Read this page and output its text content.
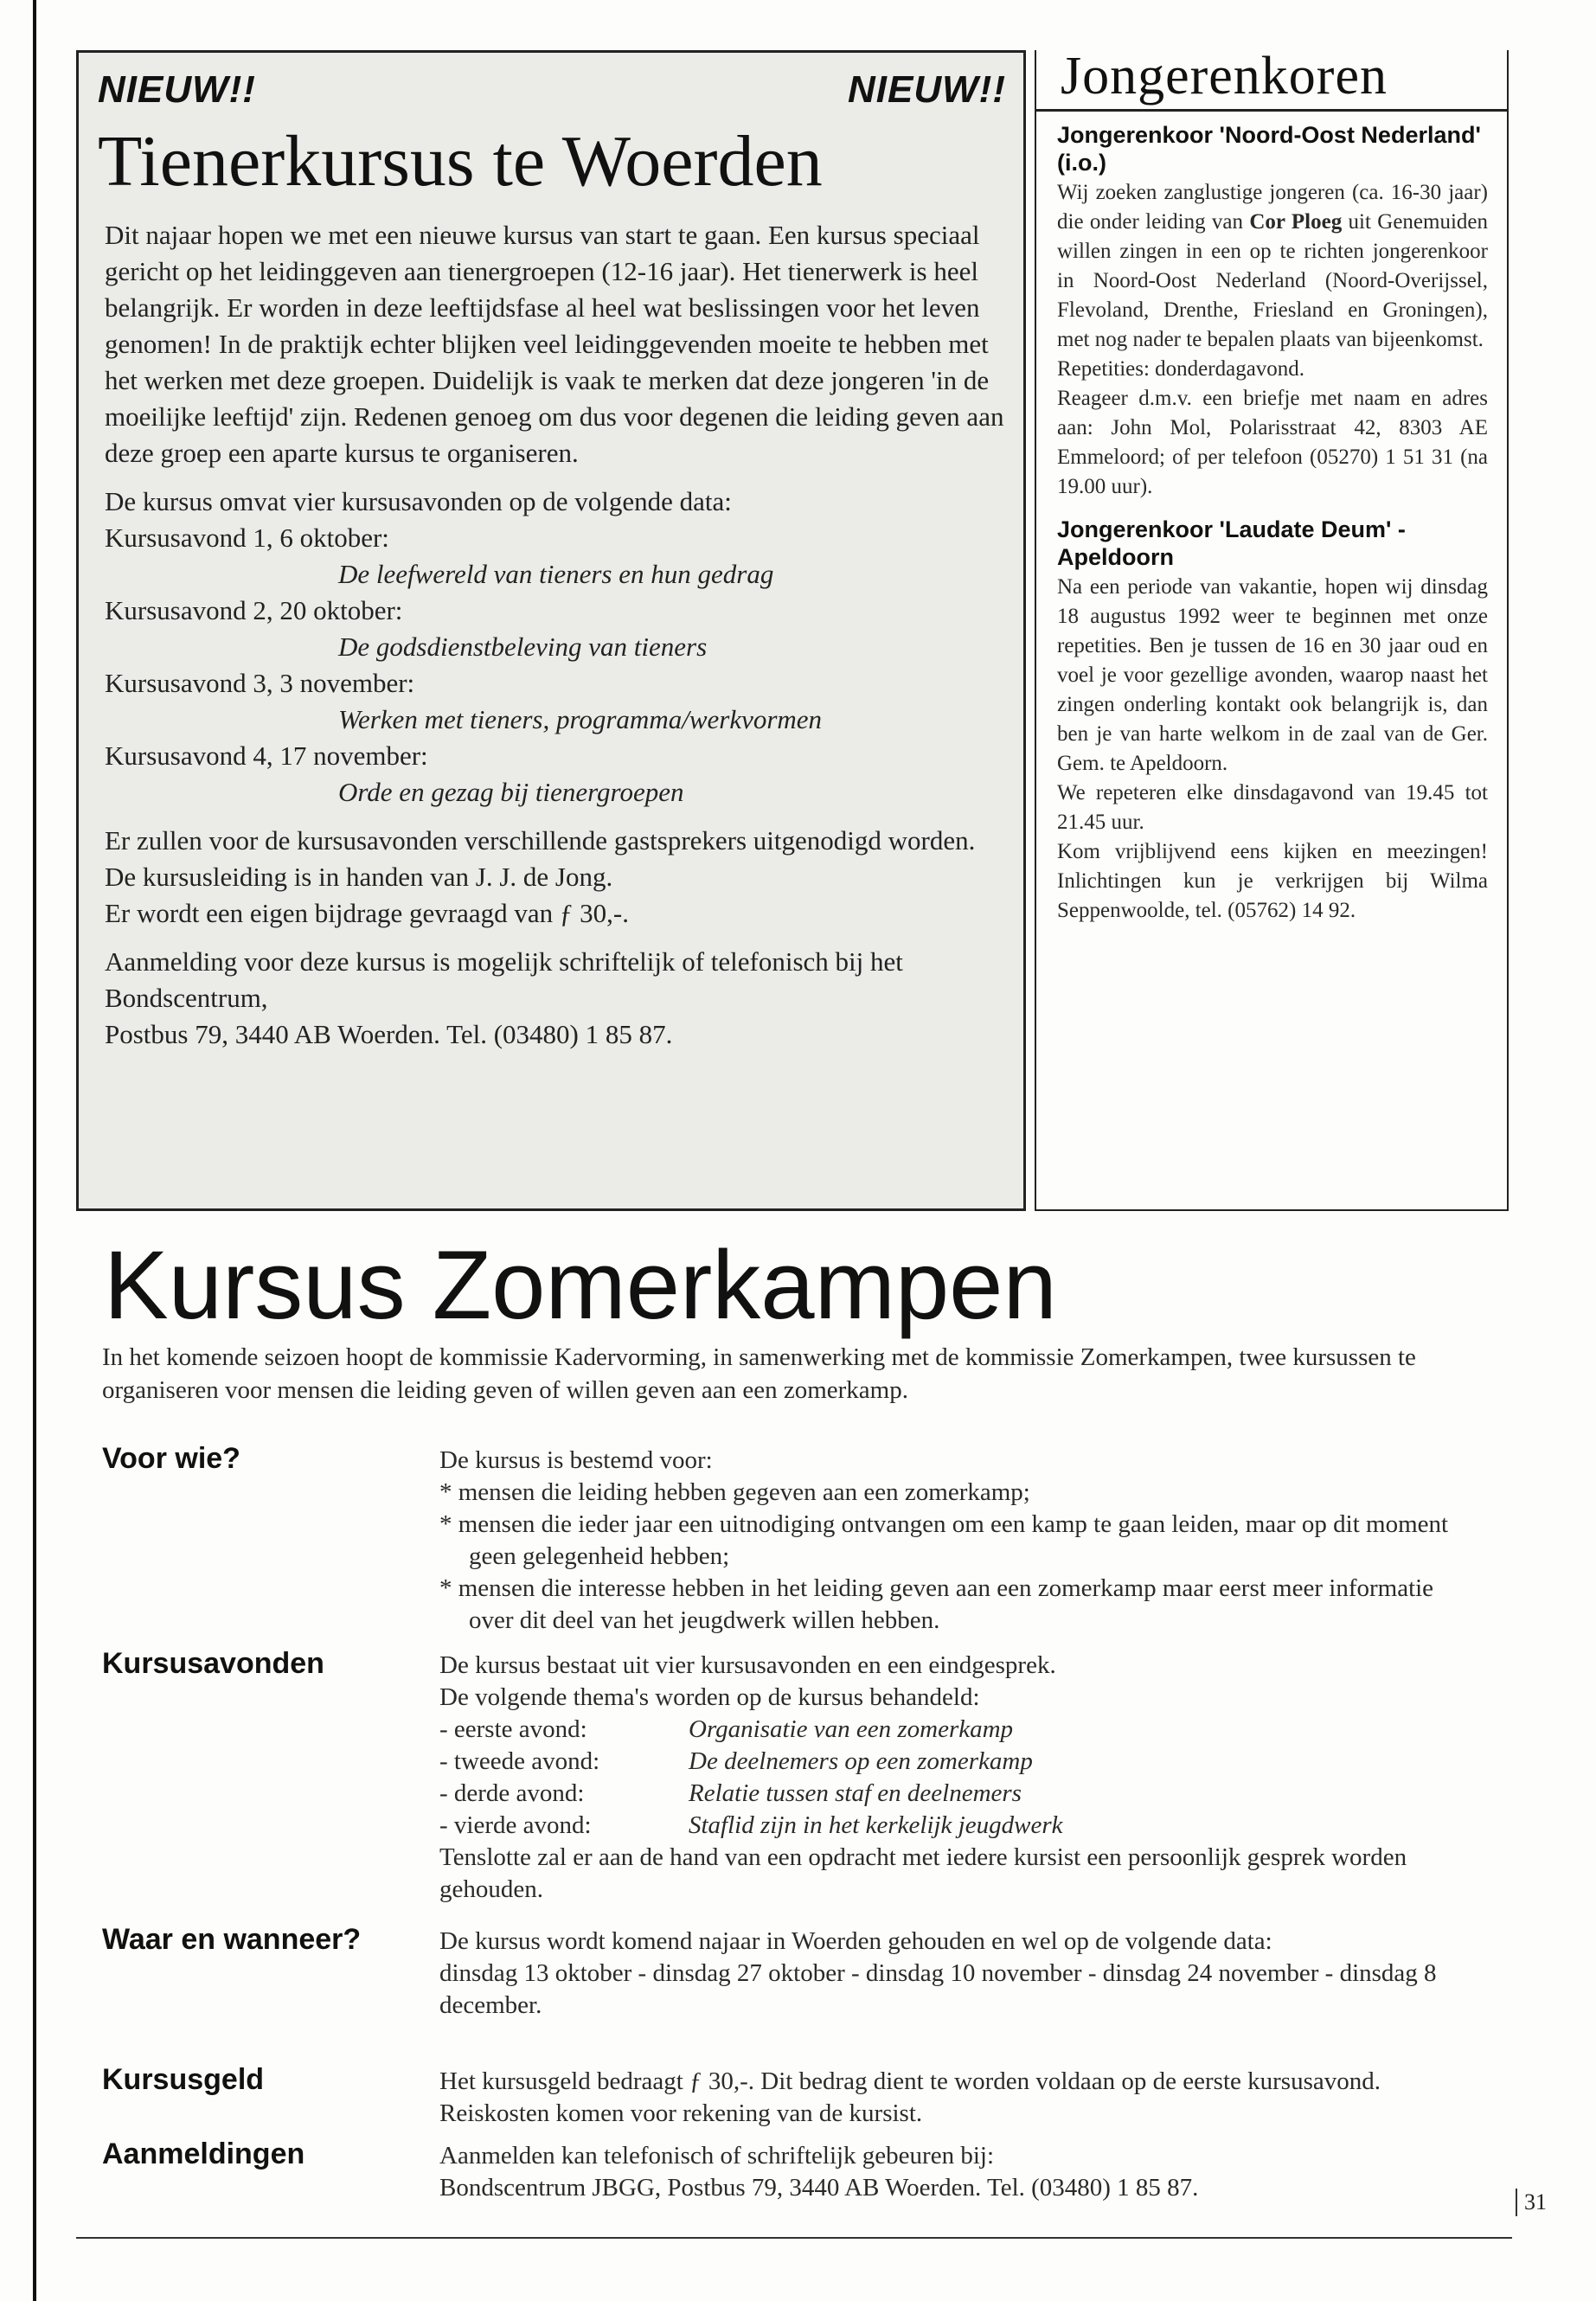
NIEUW!!	NIEUW!!
Tienerkursus te Woerden

Dit najaar hopen we met een nieuwe kursus van start te gaan. Een kursus speciaal gericht op het leidinggeven aan tienergroepen (12-16 jaar). Het tienerwerk is heel belangrijk. Er worden in deze leeftijdsfase al heel wat beslissingen voor het leven genomen! In de praktijk echter blijken veel leidinggevenden moeite te hebben met het werken met deze groepen. Duidelijk is vaak te merken dat deze jongeren 'in de moeilijke leeftijd' zijn. Redenen genoeg om dus voor degenen die leiding geven aan deze groep een aparte kursus te organiseren.

De kursus omvat vier kursusavonden op de volgende data:

Kursusavond 1, 6 oktober:

De leefwereld van tieners en hun gedrag

Kursusavond 2, 20 oktober:

De godsdienstbeleving van tieners

Kursusavond 3, 3 november:

Werken met tieners, programma/werkvormen

Kursusavond 4, 17 november:

Orde en gezag bij tienergroepen

Er zullen voor de kursusavonden verschillende gastsprekers uitgenodigd worden.

De kursusleiding is in handen van J. J. de Jong.

Er wordt een eigen bijdrage gevraagd van ƒ 30,-.

Aanmelding voor deze kursus is mogelijk schriftelijk of telefonisch bij het Bondscentrum,

Postbus 79, 3440 AB Woerden. Tel. (03480) 1 85 87.

Jongerenkoren
Jongerenkoor 'Noord-Oost Nederland' (i.o.)

Wij zoeken zanglustige jongeren (ca. 16-30 jaar) die onder leiding van Cor Ploeg uit Genemuiden willen zingen in een op te richten jongerenkoor in Noord-Oost Nederland (Noord-Overijssel, Flevoland, Drenthe, Friesland en Groningen), met nog nader te bepalen plaats van bijeenkomst.

Repetities: donderdagavond.

Reageer d.m.v. een briefje met naam en adres aan: John Mol, Polarisstraat 42, 8303 AE Emmeloord; of per telefoon (05270) 1 51 31 (na 19.00 uur).

Jongerenkoor 'Laudate Deum' - Apeldoorn

Na een periode van vakantie, hopen wij dinsdag 18 augustus 1992 weer te beginnen met onze repetities. Ben je tussen de 16 en 30 jaar oud en voel je voor gezellige avonden, waarop naast het zingen onderling kontakt ook belangrijk is, dan ben je van harte welkom in de zaal van de Ger. Gem. te Apeldoorn.

We repeteren elke dinsdagavond van 19.45 tot 21.45 uur.

Kom vrijblijvend eens kijken en meezingen! Inlichtingen kun je verkrijgen bij Wilma Seppenwoolde, tel. (05762) 14 92.

Kursus Zomerkampen

In het komende seizoen hoopt de kommissie Kadervorming, in samenwerking met de kommissie Zomerkampen, twee kursussen te organiseren voor mensen die leiding geven of willen geven aan een zomerkamp.

Voor wie?	De kursus is bestemd voor:

* mensen die leiding hebben gegeven aan een zomerkamp;

* mensen die ieder jaar een uitnodiging ontvangen om een kamp te gaan leiden, maar op dit moment geen gelegenheid hebben;

* mensen die interesse hebben in het leiding geven aan een zomerkamp maar eerst meer informatie over dit deel van het jeugdwerk willen hebben.

Kursusavonden	De kursus bestaat uit vier kursusavonden en een eindgesprek.

De volgende thema's worden op de kursus behandeld:

- eerste avond:	Organisatie van een zomerkamp
- tweede avond:	De deelnemers op een zomerkamp
- derde avond:	Relatie tussen staf en deelnemers
- vierde avond:	Staflid zijn in het kerkelijk jeugdwerk

Tenslotte zal er aan de hand van een opdracht met iedere kursist een persoonlijk gesprek worden gehouden.

Waar en wanneer?	De kursus wordt komend najaar in Woerden gehouden en wel op de volgende data:

dinsdag 13 oktober - dinsdag 27 oktober - dinsdag 10 november - dinsdag 24 november - dinsdag 8 december.

Kursusgeld	Het kursusgeld bedraagt ƒ 30,-. Dit bedrag dient te worden voldaan op de eerste kursusavond. Reiskosten komen voor rekening van de kursist.

Aanmeldingen	Aanmelden kan telefonisch of schriftelijk gebeuren bij:

Bondscentrum JBGG, Postbus 79, 3440 AB Woerden. Tel. (03480) 1 85 87.

31
